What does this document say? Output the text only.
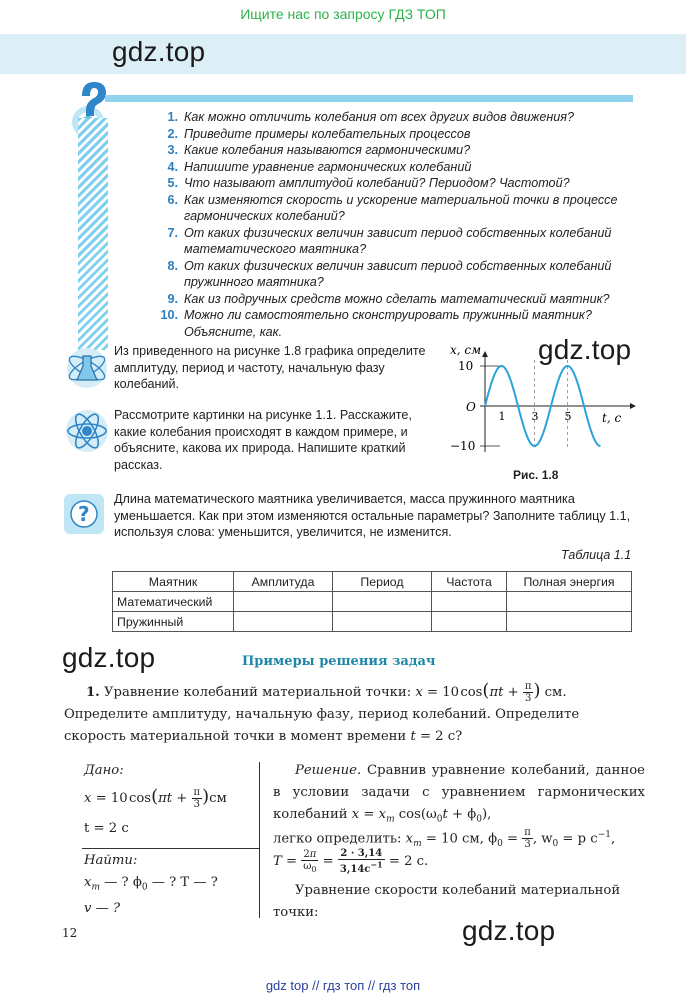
Ищите нас по запросу ГДЗ ТОП
gdz.top
1. Как можно отличить колебания от всех других видов движения?
2. Приведите примеры колебательных процессов
3. Какие колебания называются гармоническими?
4. Напишите уравнение гармонических колебаний
5. Что называют амплитудой колебаний? Периодом? Частотой?
6. Как изменяются скорость и ускорение материальной точки в процессе гармонических колебаний?
7. От каких физических величин зависит период собственных колебаний математического маятника?
8. От каких физических величин зависит период собственных колебаний пружинного маятника?
9. Как из подручных средств можно сделать математический маятник?
10. Можно ли самостоятельно сконструировать пружинный маятник? Объясните, как.
Из приведенного на рисунке 1.8 графика определите амплитуду, период и частоту, начальную фазу колебаний.
gdz.top
x, см
10
−10
O
1 3 5	t, с
Рис. 1.8
Рассмотрите картинки на рисунке 1.1. Расскажите, какие колебания происходят в каждом примере, и объясните, какова их природа. Напишите краткий рассказ.
?
Длина математического маятника увеличивается, масса пружинного маятника уменьшается. Как при этом изменяются остальные параметры? Заполните таблицу 1.1, используя слова: уменьшится, увеличится, не изменится.
Таблица 1.1
Маятник	Амплитуда	Период	Частота	Полная энергия
Математический				
Пружинный				
gdz.top	Примеры решения задач
1. Уравнение колебаний материальной точки: x = 10 $\cos(\pi t + \frac{\pi}{3}$ ) см.
Определите амплитуду, начальную фазу, период колебаний. Определите скорость материальной точки в момент времени t = 2 с?
Дано:
x = 10 $\cos(\pi t + \frac{\pi}{3} )см$
t = 2 с
Найти:
$x_m$ — ? $\phi_0$ — ? T — ?
v — ?
Решение. Сравнив уравнение колебаний, данное в условии задачи с уравнением гармонических колебаний $x = x_m$ $\cos(\omega_0t + \phi_0)$,
легко определить: $x_m = 10$ см, $\phi_0 = \frac{\pi}{3}$ , $w_0 = p$ $c^{-1}$,
$T = \frac{2\pi}{\omega_0} = \frac{2 \cdot 3,14}{3,14с^{-1}} = 2$ с.
Уравнение скорости колебаний материальной точки:
12	gdz.top
gdz top // гдз топ // гдз топ
